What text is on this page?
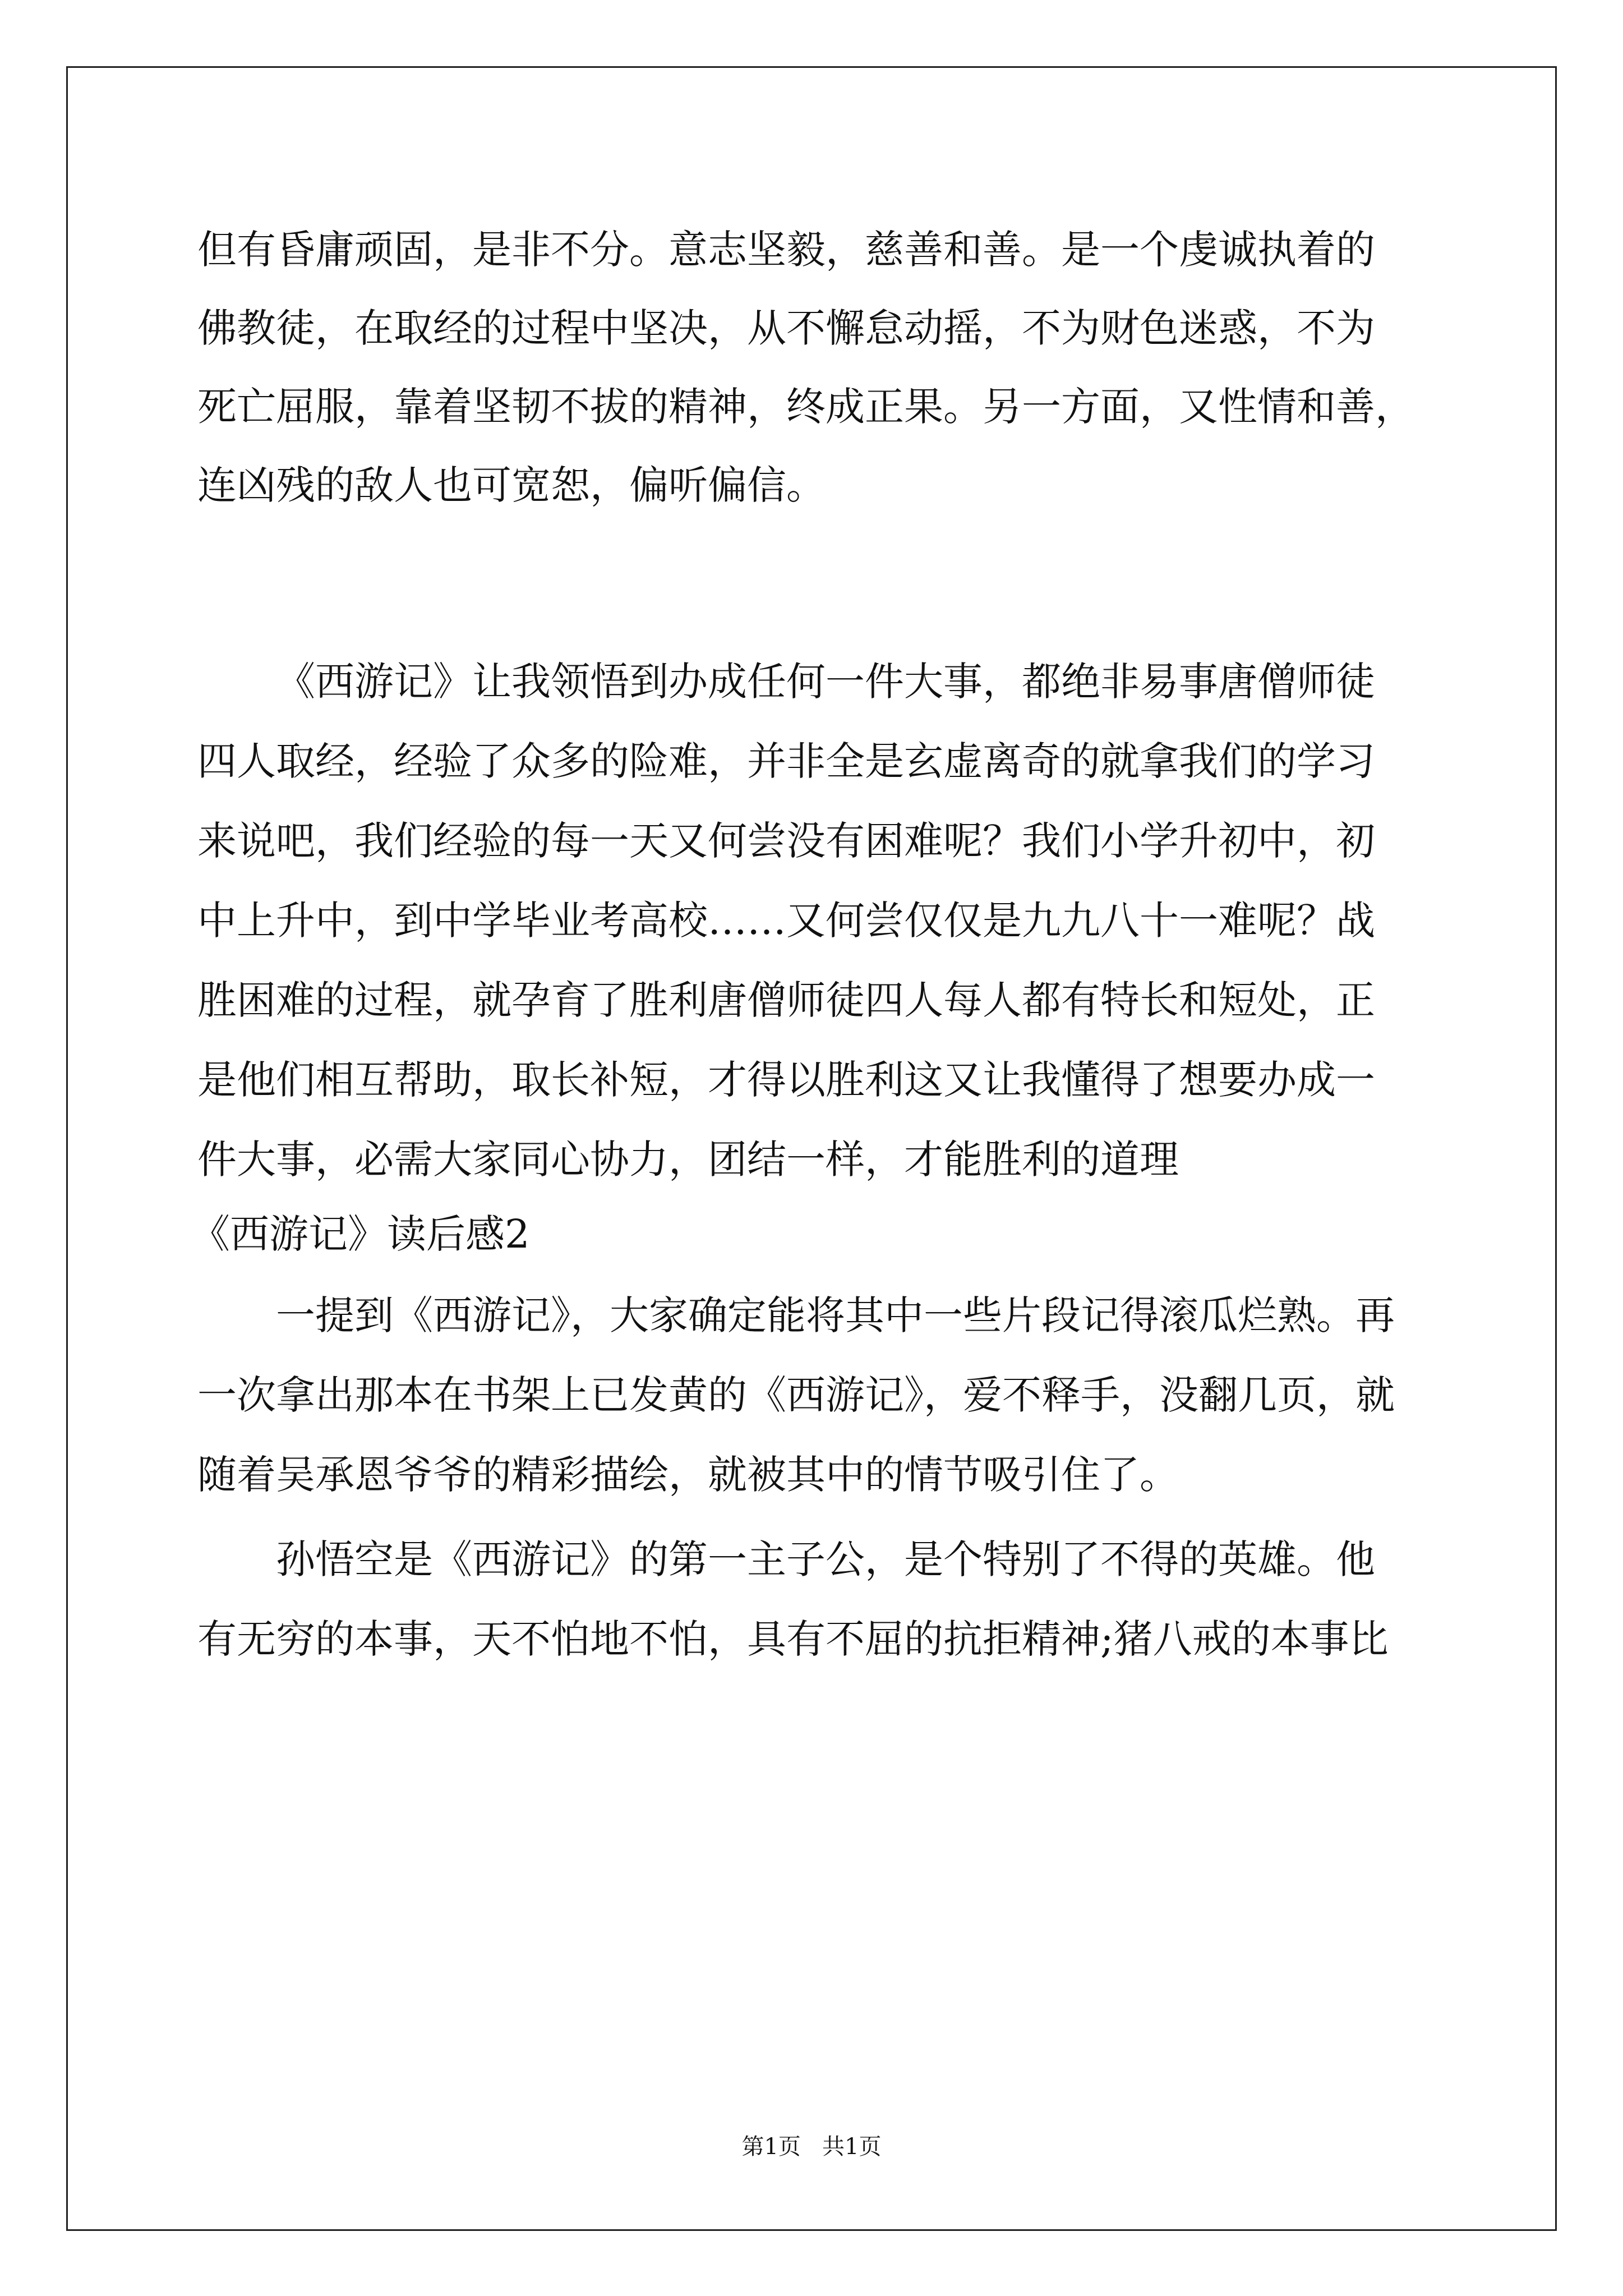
但有昏庸顽固，是非不分。意志坚毅，慈善和善。是一个虔诚执着的
佛教徒，在取经的过程中坚决，从不懈怠动摇，不为财色迷惑，不为
死亡屈服，靠着坚韧不拔的精神，终成正果。另一方面，又性情和善，
连凶残的敌人也可宽恕，偏听偏信。
《西游记》让我领悟到办成任何一件大事，都绝非易事唐僧师徒
四人取经，经验了众多的险难，并非全是玄虚离奇的就拿我们的学习
来说吧，我们经验的每一天又何尝没有困难呢？我们小学升初中，初
中上升中，到中学毕业考高校……又何尝仅仅是九九八十一难呢？战
胜困难的过程，就孕育了胜利唐僧师徒四人每人都有特长和短处，正
是他们相互帮助，取长补短，才得以胜利这又让我懂得了想要办成一
件大事，必需大家同心协力，团结一样，才能胜利的道理
《西游记》读后感2
一提到《西游记》，大家确定能将其中一些片段记得滚瓜烂熟。再
一次拿出那本在书架上已发黄的《西游记》，爱不释手，没翻几页，就
随着吴承恩爷爷的精彩描绘，就被其中的情节吸引住了。
孙悟空是《西游记》的第一主子公，是个特别了不得的英雄。他
有无穷的本事，天不怕地不怕，具有不屈的抗拒精神;猪八戒的本事比
第1页   共1页
